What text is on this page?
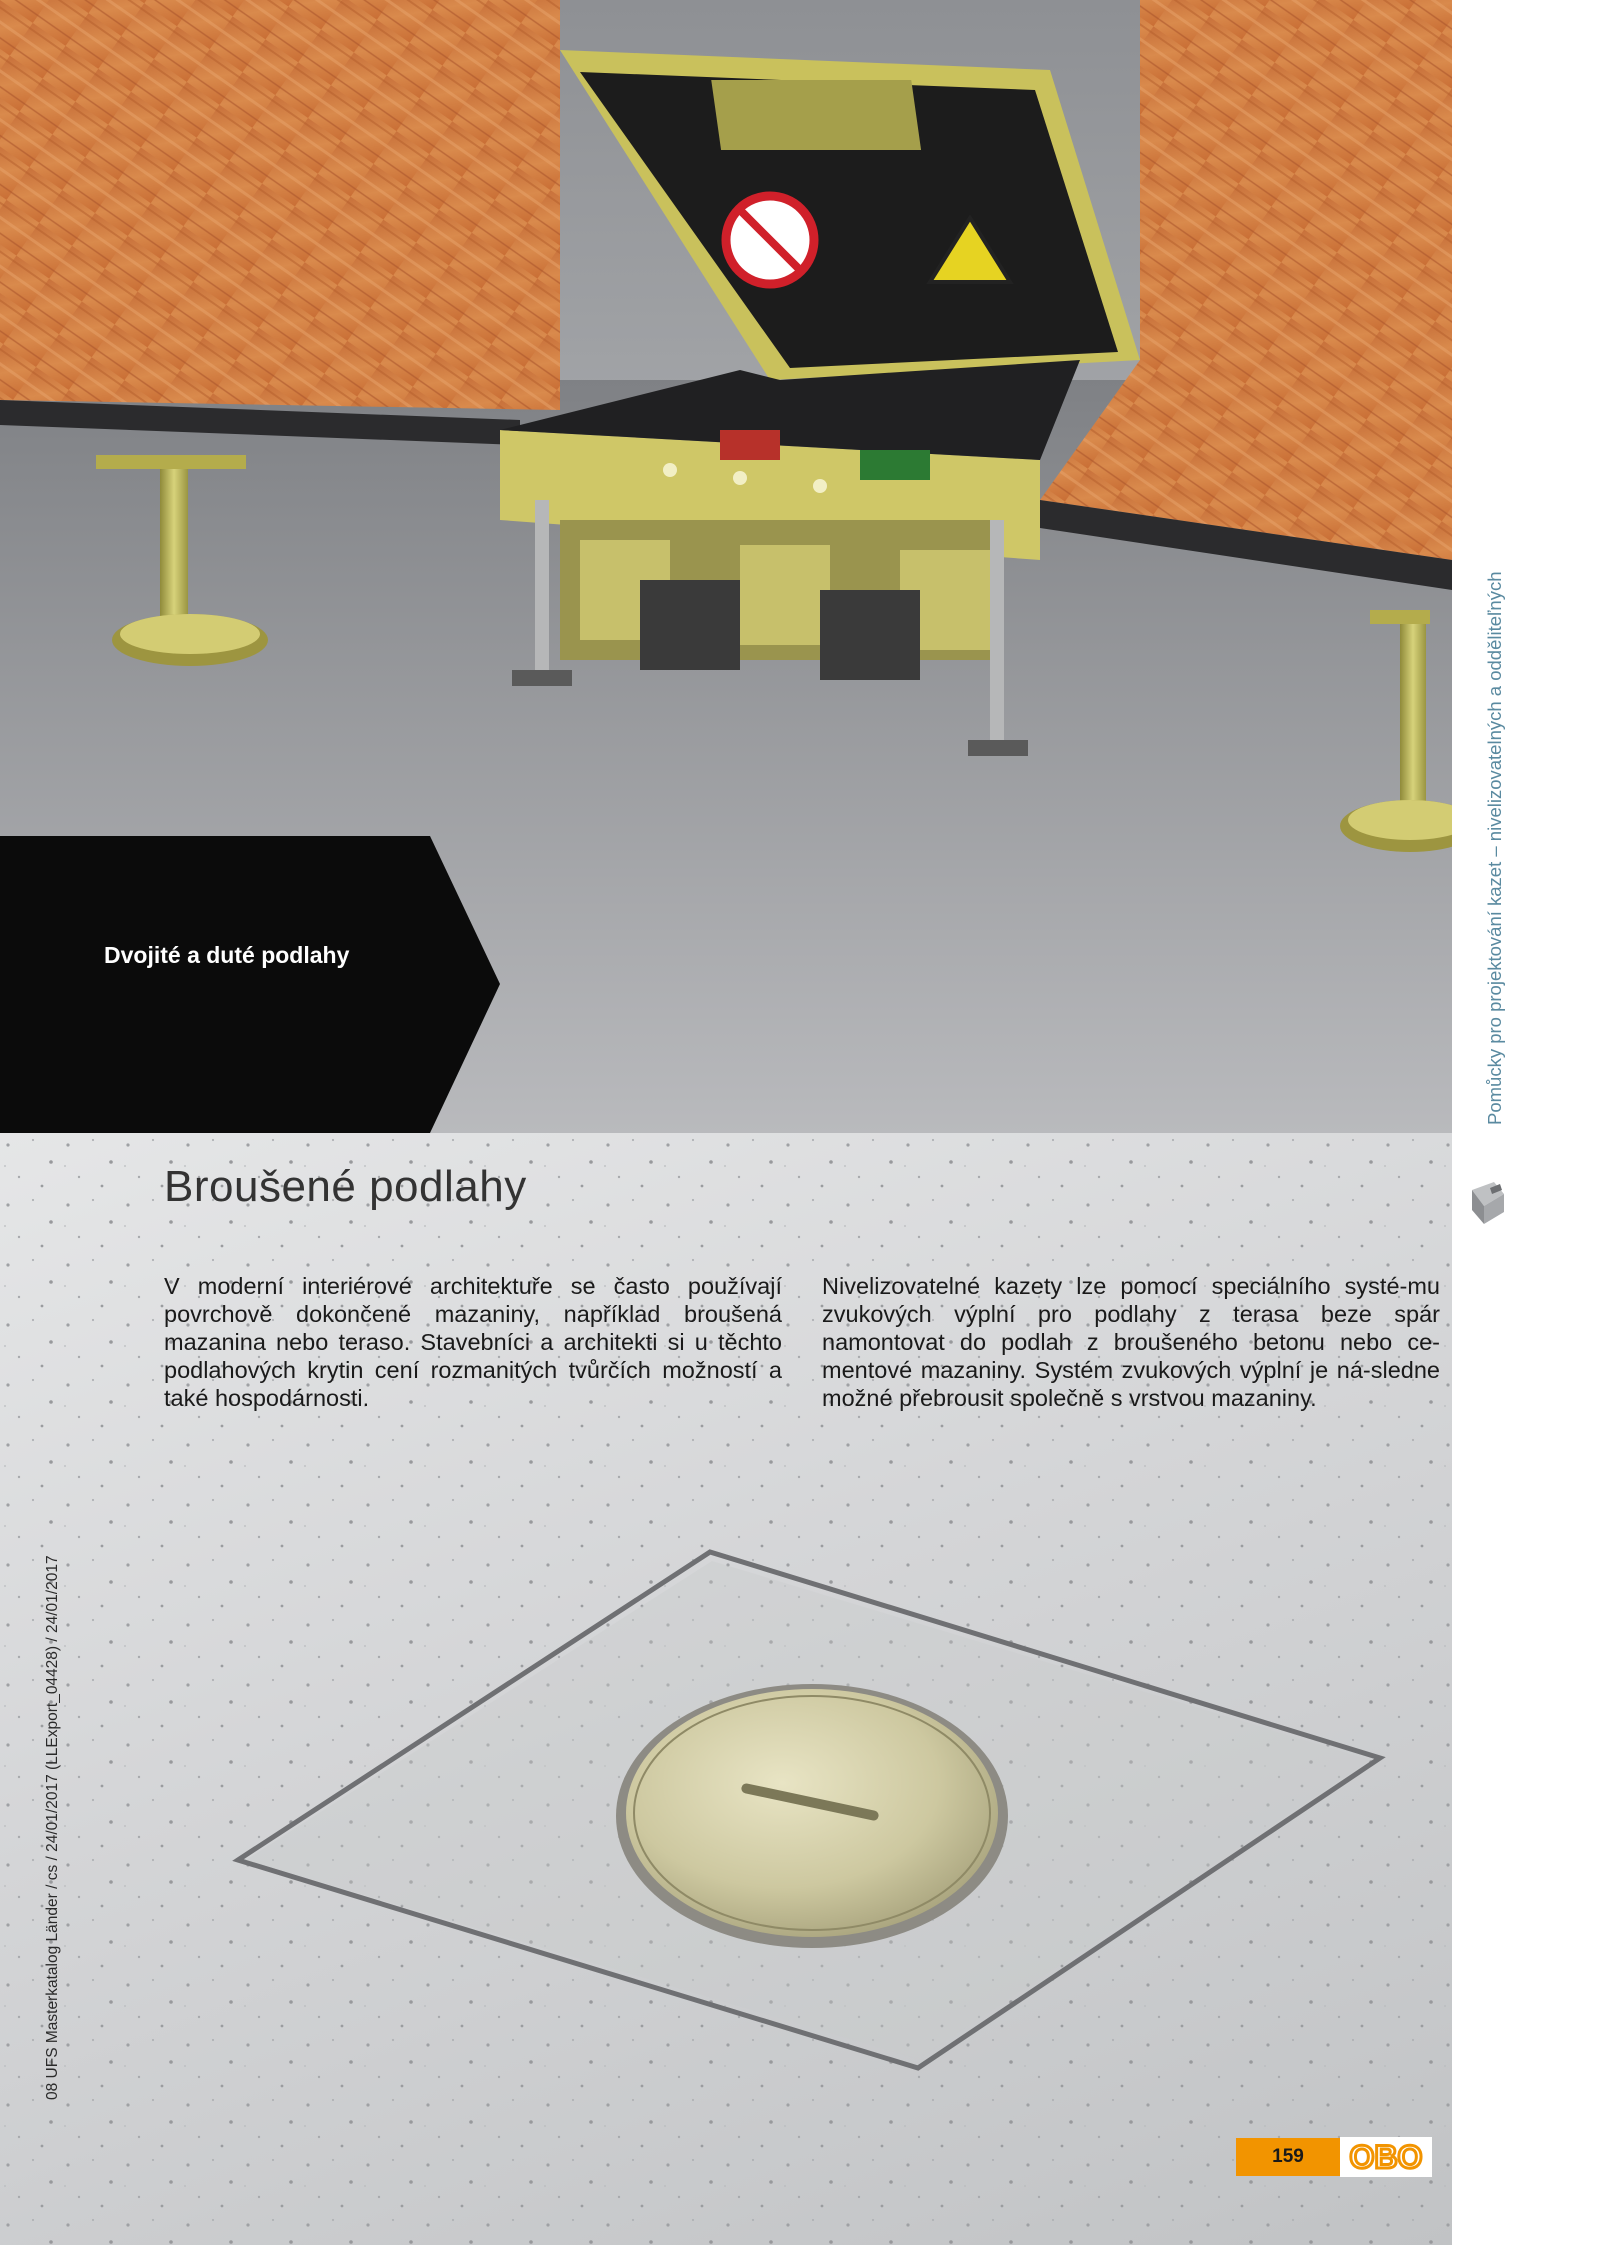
Dvojité a duté podlahy
Broušené podlahy

V moderní interiérové architektuře se často používají povrchově dokončené mazaniny, například broušená mazanina nebo teraso. Stavebníci a architekti si u těchto podlahových krytin cení rozmanitých tvůrčích možností a také hospodárnosti.

Nivelizovatelné kazety lze pomocí speciálního systé-mu zvukových výplní pro podlahy z terasa beze spár namontovat do podlah z broušeného betonu nebo ce-mentové mazaniny. Systém zvukových výplní je ná-sledne možné přebrousit společně s vrstvou mazaniny.

Pomůcky pro projektování kazet – nivelizovatelných a odděliteľných
08 UFS Masterkatalog Länder / cs / 24/01/2017 (LLExport_04428) / 24/01/2017
159	OBO
